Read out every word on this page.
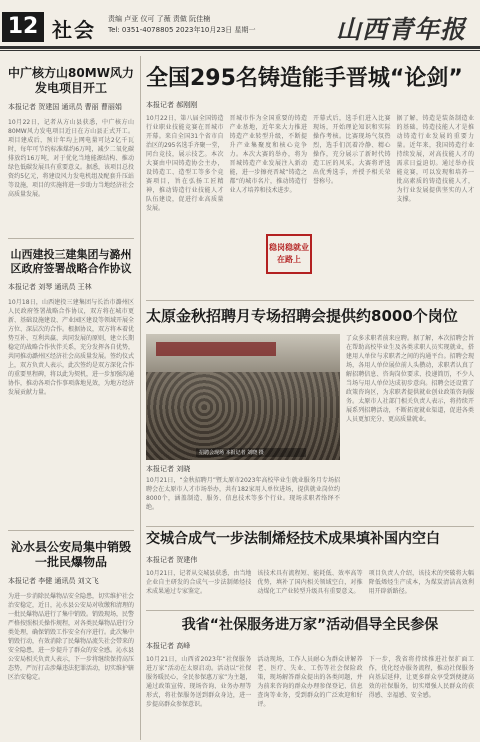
12 社会 责编 卢亚 仪可 了薇 责做 阮佳楠
Tel: 0351-4078805 2023年10月23日 星期一	山西青年报
中广核方山80MW风力发电项目开工
本报记者 贺建国 通讯员 曹丽 曹丽娟
10月22日，记者从方山县获悉，中广核方山80MW风力发电项目近日在方山县正式开工。项目建成后，预计年均上网电量可达2亿千瓦时，每年可节约标准煤约6万吨，减少二氧化碳排放约16万吨，对于优化当地能源结构、推动绿色低碳发展具有重要意义。据悉，该项目总投资约5亿元，将建设风力发电机组及配套升压站等设施，项目的实施将进一步助力当地经济社会高质量发展。
山西建投三建集团与潞州区政府签署战略合作协议
本报记者 刘琴 通讯员 王林
10月18日，山西建投三建集团与长治市潞州区人民政府签署战略合作协议，双方将在城市更新、基础设施建设、产业园区建设等领域开展全方位、深层次的合作。根据协议，双方将本着优势互补、互利共赢、共同发展的原则，建立长期稳定的战略合作伙伴关系，充分发挥各自优势，共同推动潞州区经济社会高质量发展。签约仪式上，双方负责人表示，此次签约是双方深化合作的重要里程碑，将以此为契机，进一步加强沟通协作，推动各项合作事项落地见效，为地方经济发展贡献力量。
沁水县公安局集中销毁一批民爆物品
本报记者 李健 通讯员 刘文飞
为进一步消除民爆物品安全隐患，切实维护社会治安稳定，近日，沁水县公安局对收缴和清理的一批民爆物品进行了集中销毁。销毁现场，民警严格按照相关操作规程，对各类民爆物品进行分类处理，确保销毁工作安全有序进行。此次集中销毁行动，有效消除了民爆物品流失社会带来的安全隐患，进一步提升了群众的安全感。沁水县公安局相关负责人表示，下一步将继续保持高压态势，严厉打击涉爆违法犯罪活动，切实维护辖区治安稳定。
全国295名铸造能手晋城“论剑”
本报记者 郝刚刚
10月22日，第八届全国铸造行业职业技能竞赛在晋城市开幕。来自全国31个省市自治区的295名选手齐聚一堂，同台竞技，展示技艺。本次大赛由中国铸造协会主办，设铸造工、造型工等多个竞赛项目，旨在弘扬工匠精神，推动铸造行业技能人才队伍建设，促进行业高质量发展。
晋城市作为全国重要的铸造产业基地，近年来大力推进铸造产业转型升级，不断提升产业集聚度和核心竞争力。本次大赛的举办，将为晋城铸造产业发展注入新动能，进一步擦亮晋城“铸造之都”的城市名片，推动铸造行业人才培养和技术进步。
开幕式后，选手们进入比赛现场，开始理论知识和实际操作考核。比赛现场气氛热烈，选手们沉着冷静、精心操作，充分展示了新时代铸造工匠的风采。大赛将评选出优秀选手，并授予相关荣誉称号。
据了解，铸造是装备制造业的基础，铸造技能人才是推动铸造行业发展的重要力量。近年来，我国铸造行业持续发展，对高技能人才的需求日益迫切。通过举办技能竞赛，可以发现和培养一批高素质的铸造技能人才，为行业发展提供坚实的人才支撑。
稳岗稳就业在路上
太原金秋招聘月专场招聘会提供约8000个岗位
招聘会现场 本报记者 刘晓 摄
本报记者 刘晓
10月21日，“金秋招聘月”暨太原市2023年高校毕业生就业服务月专场招聘会在太原市人才市场举办，共有182家用人单位进场，提供就业岗位约8000个，涵盖制造、服务、信息技术等多个行业。现场求职者络绎不绝。
了众多求职者前来应聘。据了解，本次招聘会旨在帮助高校毕业生及各类求职人员实现就业，搭建用人单位与求职者之间的沟通平台。招聘会现场，各用人单位展位前人头攒动，求职者认真了解招聘信息、咨询岗位要求、投递简历，不少人当场与用人单位达成初步意向。招聘会还设置了政策咨询区，为求职者提供就业创业政策咨询服务。太原市人社部门相关负责人表示，将持续开展系列招聘活动，不断拓宽就业渠道，促进各类人员更加充分、更高质量就业。
交城合成气一步法制烯烃技术成果填补国内空白
本报记者 贺建伟
10月21日，记者从交城县获悉，由当地企业自主研发的合成气一步法制烯烃技术成果通过专家鉴定。
该技术具有流程短、能耗低、效率高等优势，填补了国内相关领域空白，对推动煤化工产业转型升级具有重要意义。
项目负责人介绍，该技术的突破将大幅降低烯烃生产成本，为煤炭清洁高效利用开辟新路径。
我省“社保服务进万家”活动倡导全民参保
本报记者 高峰
10月21日，山西省2023年“社保服务进万家”活动在太原启动。活动以“社保服务暖民心，全民参保惠万家”为主题，通过政策宣传、现场咨询、业务办理等形式，将社保服务送到群众身边，进一步提高群众参保意识。
活动现场，工作人员耐心为群众讲解养老、医疗、失业、工伤等社会保险政策，现场解答群众提出的各类问题，并为前来咨询的群众办理参保登记、信息查询等业务，受到群众的广泛欢迎和好评。
下一步，我省将持续推进社保扩面工作，优化经办服务流程，推动社保服务向基层延伸，让更多群众享受到便捷高效的社保服务，切实增强人民群众的获得感、幸福感、安全感。
